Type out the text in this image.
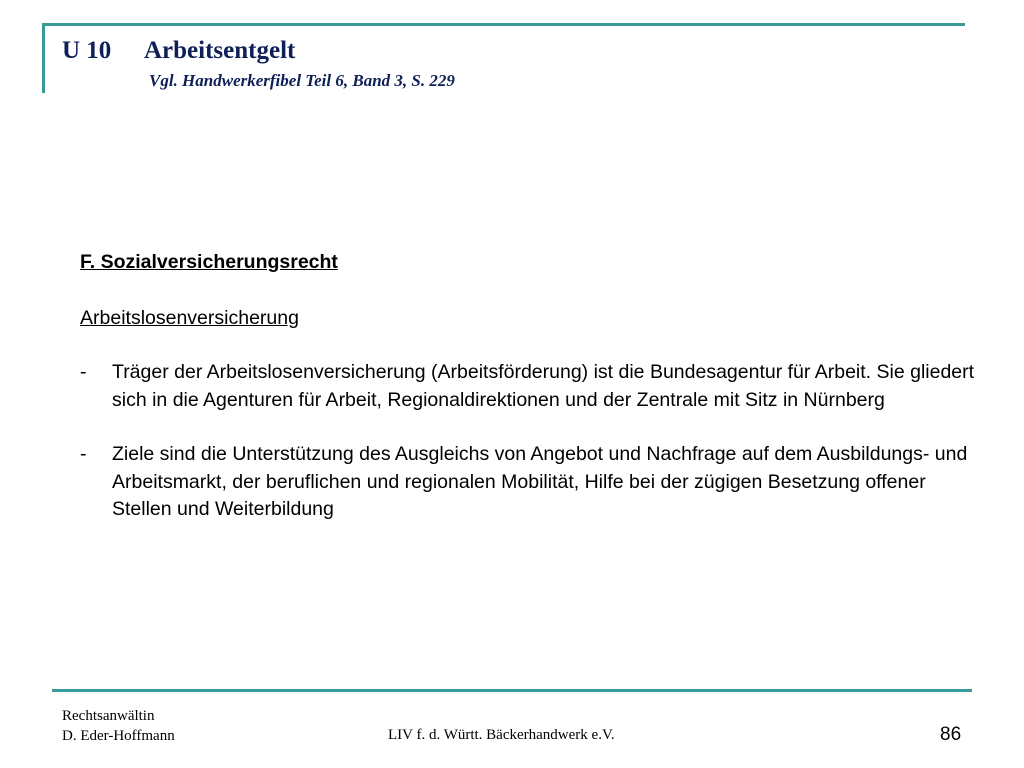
U 10 Arbeitsentgelt
Vgl. Handwerkerfibel Teil 6, Band 3, S. 229

F. Sozialversicherungsrecht

Arbeitslosenversicherung

- Träger der Arbeitslosenversicherung (Arbeitsförderung) ist die Bundesagentur für Arbeit. Sie gliedert sich in die Agenturen für Arbeit, Regionaldirektionen und der Zentrale mit Sitz in Nürnberg
- Ziele sind die Unterstützung des Ausgleichs von Angebot und Nachfrage auf dem Ausbildungs- und Arbeitsmarkt, der beruflichen und regionalen Mobilität, Hilfe bei der zügigen Besetzung offener Stellen und Weiterbildung
Rechtsanwältin
D. Eder-Hoffmann	LIV f. d. Württ. Bäckerhandwerk e.V.	86
